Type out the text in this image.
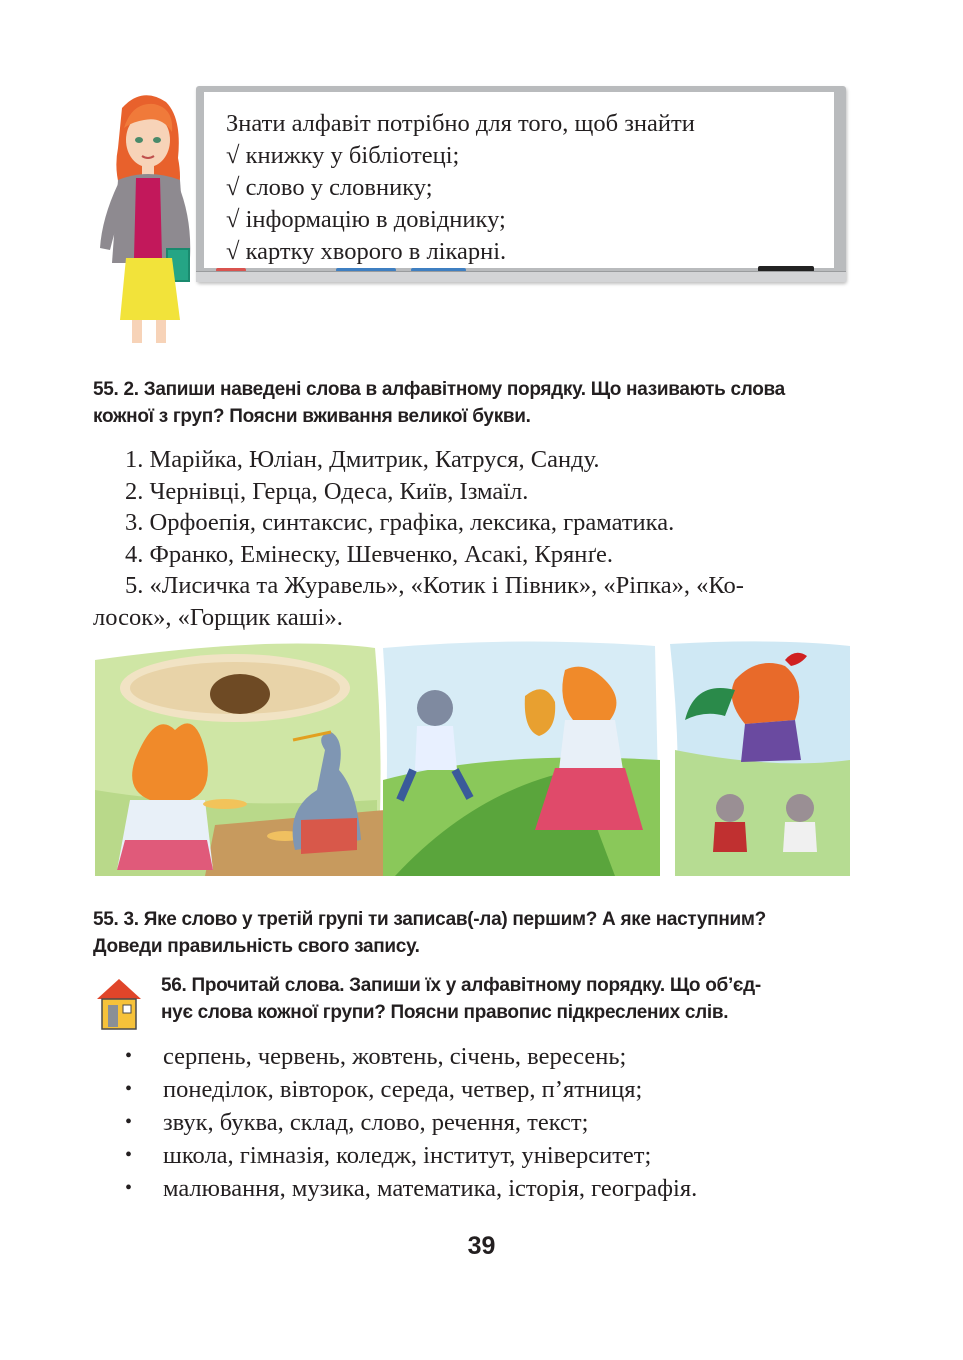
Знати алфавіт потрібно для того, щоб знайти
√ книжку у бібліотеці;
√ слово у словнику;
√ інформацію в довіднику;
√ картку хворого в лікарні.
55. 2. Запиши наведені слова в алфавітному порядку. Що називають слова
кожної з груп? Поясни вживання великої букви.
1. Марійка, Юліан, Дмитрик, Катруся, Санду.
2. Чернівці, Герца, Одеса, Київ, Ізмаїл.
3. Орфоепія, синтаксис, графіка, лексика, граматика.
4. Франко, Емінеску, Шевченко, Асакі, Крянґе.
5. «Лисичка та Журавель», «Котик і Півник», «Ріпка», «Ко-
лосок», «Горщик каші».
55. 3. Яке слово у третій групі ти записав(-ла) першим? А яке наступним?
Доведи правильність свого запису.
56. Прочитай слова. Запиши їх у алфавітному порядку. Що об’єд-
нує слова кожної групи? Поясни правопис підкреслених слів.
• серпень, червень, жовтень, січень, вересень;
• понеділок, вівторок, середа, четвер, п’ятниця;
• звук, буква, склад, слово, речення, текст;
• школа, гімназія, коледж, інститут, університет;
• малювання, музика, математика, історія, географія.
39
